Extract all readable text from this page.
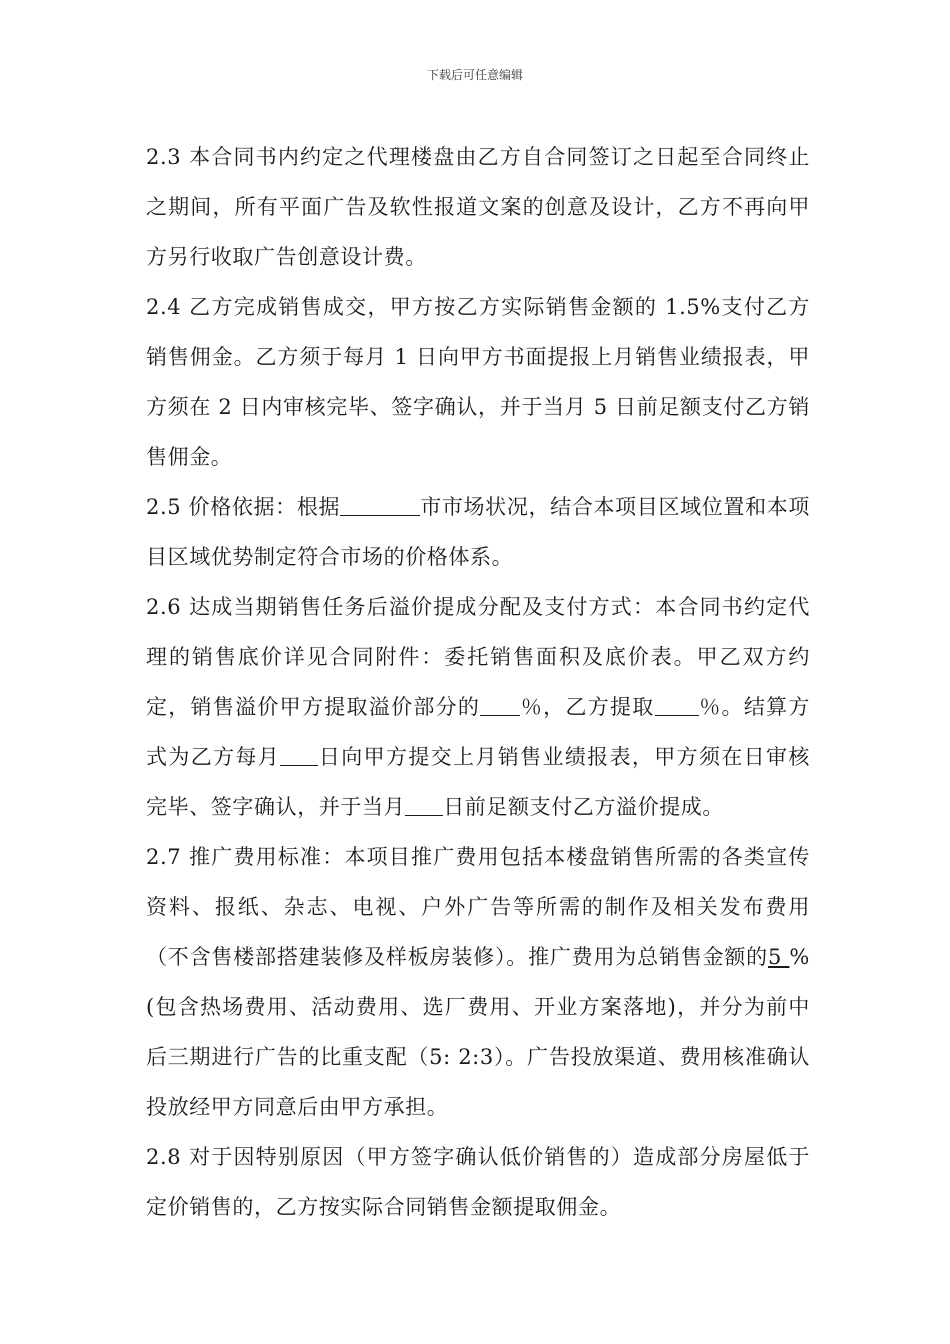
下载后可任意编辑

2.3 本合同书内约定之代理楼盘由乙方自合同签订之日起至合同终止之期间，所有平面广告及软性报道文案的创意及设计，乙方不再向甲方另行收取广告创意设计费。

2.4 乙方完成销售成交，甲方按乙方实际销售金额的 1.5%支付乙方销售佣金。乙方须于每月 1 日向甲方书面提报上月销售业绩报表，甲方须在 2 日内审核完毕、签字确认，并于当月 5 日前足额支付乙方销售佣金。

2.5 价格依据：根据	市市场状况，结合本项目区域位置和本项目区域优势制定符合市场的价格体系。

2.6 达成当期销售任务后溢价提成分配及支付方式：本合同书约定代理的销售底价详见合同附件：委托销售面积及底价表。甲乙双方约定，销售溢价甲方提取溢价部分的 ％，乙方提取 ％。结算方式为乙方每月 日向甲方提交上月销售业绩报表，甲方须在日审核完毕、签字确认，并于当月 日前足额支付乙方溢价提成。

2.7 推广费用标准：本项目推广费用包括本楼盘销售所需的各类宣传资料、报纸、杂志、电视、户外广告等所需的制作及相关发布费用（不含售楼部搭建装修及样板房装修）。推广费用为总销售金额的5 %(包含热场费用、活动费用、选厂费用、开业方案落地)，并分为前中后三期进行广告的比重支配（5: 2:3）。广告投放渠道、费用核准确认投放经甲方同意后由甲方承担。

2.8 对于因特别原因（甲方签字确认低价销售的）造成部分房屋低于定价销售的，乙方按实际合同销售金额提取佣金。
